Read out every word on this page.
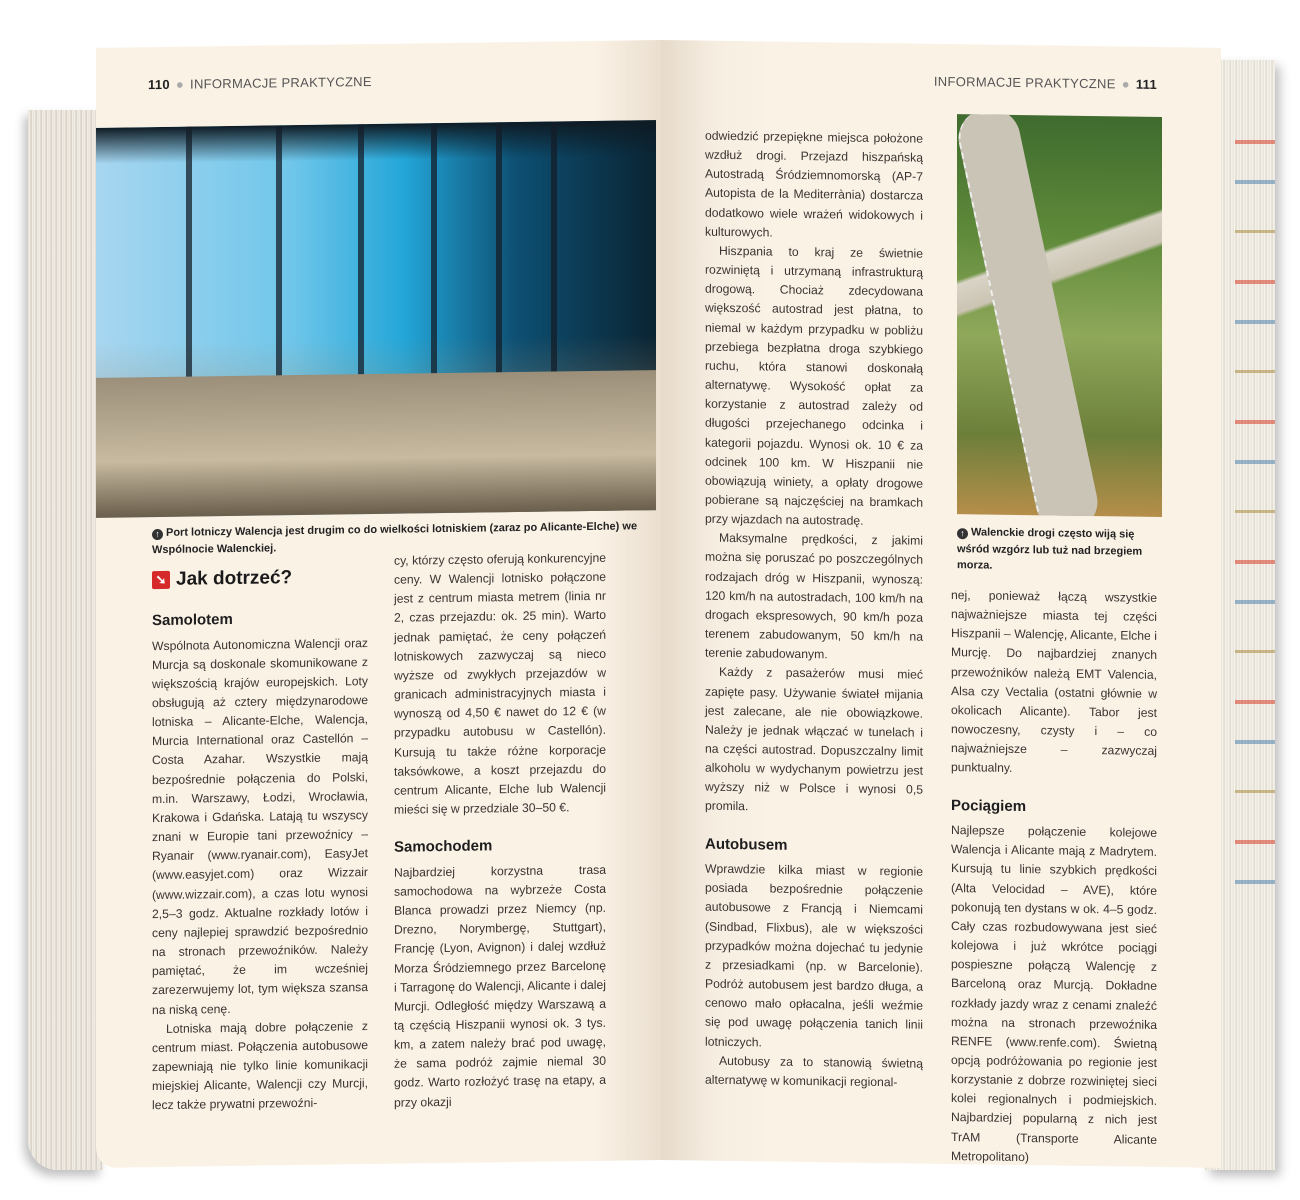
110 ● INFORMACJE PRAKTYCZNE
↑ Port lotniczy Walencja jest drugim co do wielkości lotniskiem (zaraz po Alicante-Elche) we Wspólnocie Walenckiej.
➘ Jak dotrzeć?
Samolotem

Wspólnota Autonomiczna Walencji oraz Murcja są doskonale skomunikowane z większością krajów europejskich. Loty obsługują aż cztery międzynarodowe lotniska – Alicante-Elche, Walencja, Murcia International oraz Castellón – Costa Azahar. Wszystkie mają bezpośrednie połączenia do Polski, m.in. Warszawy, Łodzi, Wrocławia, Krakowa i Gdańska. Latają tu wszyscy znani w Europie tani przewoźnicy – Ryanair (www.ryanair.com), EasyJet (www.easyjet.com) oraz Wizzair (www.wizzair.com), a czas lotu wynosi 2,5–3 godz. Aktualne rozkłady lotów i ceny najlepiej sprawdzić bezpośrednio na stronach przewoźników. Należy pamiętać, że im wcześniej zarezerwujemy lot, tym większa szansa na niską cenę.

Lotniska mają dobre połączenie z centrum miast. Połączenia autobusowe zapewniają nie tylko linie komunikacji miejskiej Alicante, Walencji czy Murcji, lecz także prywatni przewoźni-

cy, którzy często oferują konkurencyjne ceny. W Walencji lotnisko połączone jest z centrum miasta metrem (linia nr 2, czas przejazdu: ok. 25 min). Warto jednak pamiętać, że ceny połączeń lotniskowych zazwyczaj są nieco wyższe od zwykłych przejazdów w granicach administracyjnych miasta i wynoszą od 4,50 € nawet do 12 € (w przypadku autobusu w Castellón). Kursują tu także różne korporacje taksówkowe, a koszt przejazdu do centrum Alicante, Elche lub Walencji mieści się w przedziale 30–50 €.

Samochodem

Najbardziej korzystna trasa samochodowa na wybrzeże Costa Blanca prowadzi przez Niemcy (np. Drezno, Norymbergę, Stuttgart), Francję (Lyon, Avignon) i dalej wzdłuż Morza Śródziemnego przez Barcelonę i Tarragonę do Walencji, Alicante i dalej Murcji. Odległość między Warszawą a tą częścią Hiszpanii wynosi ok. 3 tys. km, a zatem należy brać pod uwagę, że sama podróż zajmie niemal 30 godz. Warto rozłożyć trasę na etapy, a przy okazji

INFORMACJE PRAKTYCZNE ● 111

odwiedzić przepiękne miejsca położone wzdłuż drogi. Przejazd hiszpańską Autostradą Śródziemnomorską (AP-7 Autopista de la Mediterrània) dostarcza dodatkowo wiele wrażeń widokowych i kulturowych.

Hiszpania to kraj ze świetnie rozwiniętą i utrzymaną infrastrukturą drogową. Chociaż zdecydowana większość autostrad jest płatna, to niemal w każdym przypadku w pobliżu przebiega bezpłatna droga szybkiego ruchu, która stanowi doskonałą alternatywę. Wysokość opłat za korzystanie z autostrad zależy od długości przejechanego odcinka i kategorii pojazdu. Wynosi ok. 10 € za odcinek 100 km. W Hiszpanii nie obowiązują winiety, a opłaty drogowe pobierane są najczęściej na bramkach przy wjazdach na autostradę.

Maksymalne prędkości, z jakimi można się poruszać po poszczególnych rodzajach dróg w Hiszpanii, wynoszą: 120 km/h na autostradach, 100 km/h na drogach ekspresowych, 90 km/h poza terenem zabudowanym, 50 km/h na terenie zabudowanym.

Każdy z pasażerów musi mieć zapięte pasy. Używanie świateł mijania jest zalecane, ale nie obowiązkowe. Należy je jednak włączać w tunelach i na części autostrad. Dopuszczalny limit alkoholu w wydychanym powietrzu jest wyższy niż w Polsce i wynosi 0,5 promila.

Autobusem

Wprawdzie kilka miast w regionie posiada bezpośrednie połączenie autobusowe z Francją i Niemcami (Sindbad, Flixbus), ale w większości przypadków można dojechać tu jedynie z przesiadkami (np. w Barcelonie). Podróż autobusem jest bardzo długa, a cenowo mało opłacalna, jeśli weźmie się pod uwagę połączenia tanich linii lotniczych.

Autobusy za to stanowią świetną alternatywę w komunikacji regional-

↑ Walenckie drogi często wiją się wśród wzgórz lub tuż nad brzegiem morza.

nej, ponieważ łączą wszystkie najważniejsze miasta tej części Hiszpanii – Walencję, Alicante, Elche i Murcję. Do najbardziej znanych przewoźników należą EMT Valencia, Alsa czy Vectalia (ostatni głównie w okolicach Alicante). Tabor jest nowoczesny, czysty i – co najważniejsze – zazwyczaj punktualny.

Pociągiem

Najlepsze połączenie kolejowe Walencja i Alicante mają z Madrytem. Kursują tu linie szybkich prędkości (Alta Velocidad – AVE), które pokonują ten dystans w ok. 4–5 godz. Cały czas rozbudowywana jest sieć kolejowa i już wkrótce pociągi pospieszne połączą Walencję z Barceloną oraz Murcją. Dokładne rozkłady jazdy wraz z cenami znaleźć można na stronach przewoźnika RENFE (www.renfe.com). Świetną opcją podróżowania po regionie jest korzystanie z dobrze rozwiniętej sieci kolei regionalnych i podmiejskich. Najbardziej popularną z nich jest TrAM (Transporte Alicante Metropolitano)
